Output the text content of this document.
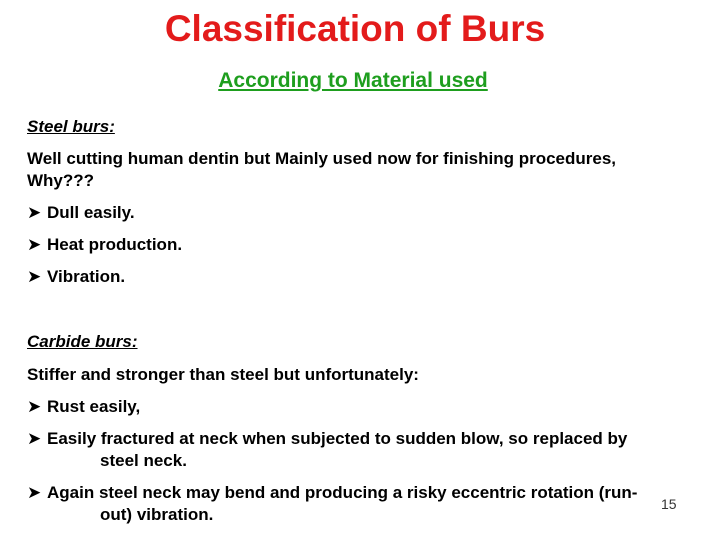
Classification of Burs
According to Material used
Steel burs:
Well cutting human dentin but Mainly used now for finishing procedures,
Why???
➤ Dull easily.
➤ Heat production.
➤ Vibration.
Carbide burs:
Stiffer and stronger than steel but unfortunately:
➤ Rust easily,
➤ Easily fractured at neck when subjected to sudden blow, so replaced by
steel neck.
➤ Again steel neck may bend and producing a risky eccentric rotation (run-
out) vibration.
15
